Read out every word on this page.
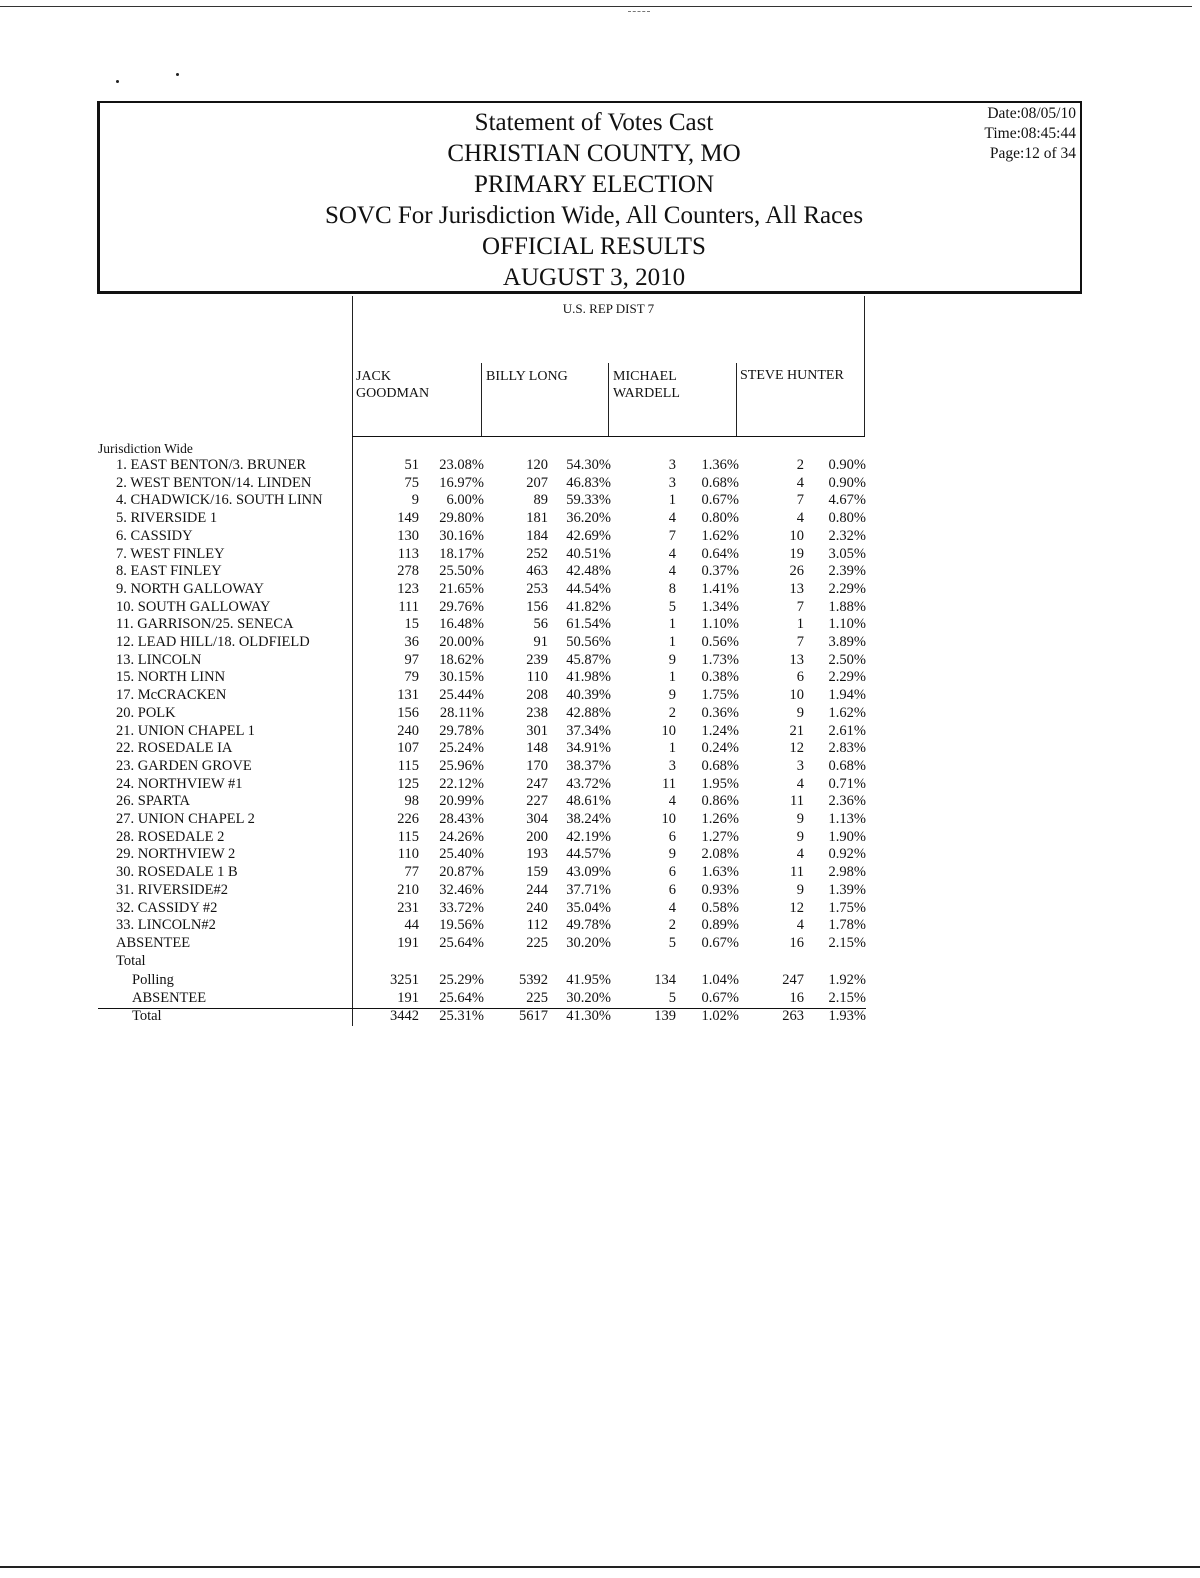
Statement of Votes Cast
CHRISTIAN COUNTY, MO
PRIMARY ELECTION
SOVC For Jurisdiction Wide, All Counters, All Races
OFFICIAL RESULTS
AUGUST 3, 2010
Date:08/05/10
Time:08:45:44
Page:12 of 34
U.S. REP DIST 7
JACK
GOODMAN
BILLY LONG	MICHAEL
WARDELL
STEVE HUNTER
Jurisdiction Wide
1. EAST BENTON/3. BRUNER	51	23.08%	120	54.30%	3	1.36%	2	0.90%
2. WEST BENTON/14. LINDEN	75	16.97%	207	46.83%	3	0.68%	4	0.90%
4. CHADWICK/16. SOUTH LINN	9	6.00%	89	59.33%	1	0.67%	7	4.67%
5. RIVERSIDE 1	149	29.80%	181	36.20%	4	0.80%	4	0.80%
6. CASSIDY	130	30.16%	184	42.69%	7	1.62%	10	2.32%
7. WEST FINLEY	113	18.17%	252	40.51%	4	0.64%	19	3.05%
8. EAST FINLEY	278	25.50%	463	42.48%	4	0.37%	26	2.39%
9. NORTH GALLOWAY	123	21.65%	253	44.54%	8	1.41%	13	2.29%
10. SOUTH GALLOWAY	111	29.76%	156	41.82%	5	1.34%	7	1.88%
11. GARRISON/25. SENECA	15	16.48%	56	61.54%	1	1.10%	1	1.10%
12. LEAD HILL/18. OLDFIELD	36	20.00%	91	50.56%	1	0.56%	7	3.89%
13. LINCOLN	97	18.62%	239	45.87%	9	1.73%	13	2.50%
15. NORTH LINN	79	30.15%	110	41.98%	1	0.38%	6	2.29%
17. McCRACKEN	131	25.44%	208	40.39%	9	1.75%	10	1.94%
20. POLK	156	28.11%	238	42.88%	2	0.36%	9	1.62%
21. UNION CHAPEL 1	240	29.78%	301	37.34%	10	1.24%	21	2.61%
22. ROSEDALE IA	107	25.24%	148	34.91%	1	0.24%	12	2.83%
23. GARDEN GROVE	115	25.96%	170	38.37%	3	0.68%	3	0.68%
24. NORTHVIEW #1	125	22.12%	247	43.72%	11	1.95%	4	0.71%
26. SPARTA	98	20.99%	227	48.61%	4	0.86%	11	2.36%
27. UNION CHAPEL 2	226	28.43%	304	38.24%	10	1.26%	9	1.13%
28. ROSEDALE 2	115	24.26%	200	42.19%	6	1.27%	9	1.90%
29. NORTHVIEW 2	110	25.40%	193	44.57%	9	2.08%	4	0.92%
30. ROSEDALE 1 B	77	20.87%	159	43.09%	6	1.63%	11	2.98%
31. RIVERSIDE#2	210	32.46%	244	37.71%	6	0.93%	9	1.39%
32. CASSIDY #2	231	33.72%	240	35.04%	4	0.58%	12	1.75%
33. LINCOLN#2	44	19.56%	112	49.78%	2	0.89%	4	1.78%
ABSENTEE	191	25.64%	225	30.20%	5	0.67%	16	2.15%
Total
Polling	3251	25.29%	5392	41.95%	134	1.04%	247	1.92%
ABSENTEE	191	25.64%	225	30.20%	5	0.67%	16	2.15%
Total	3442	25.31%	5617	41.30%	139	1.02%	263	1.93%
